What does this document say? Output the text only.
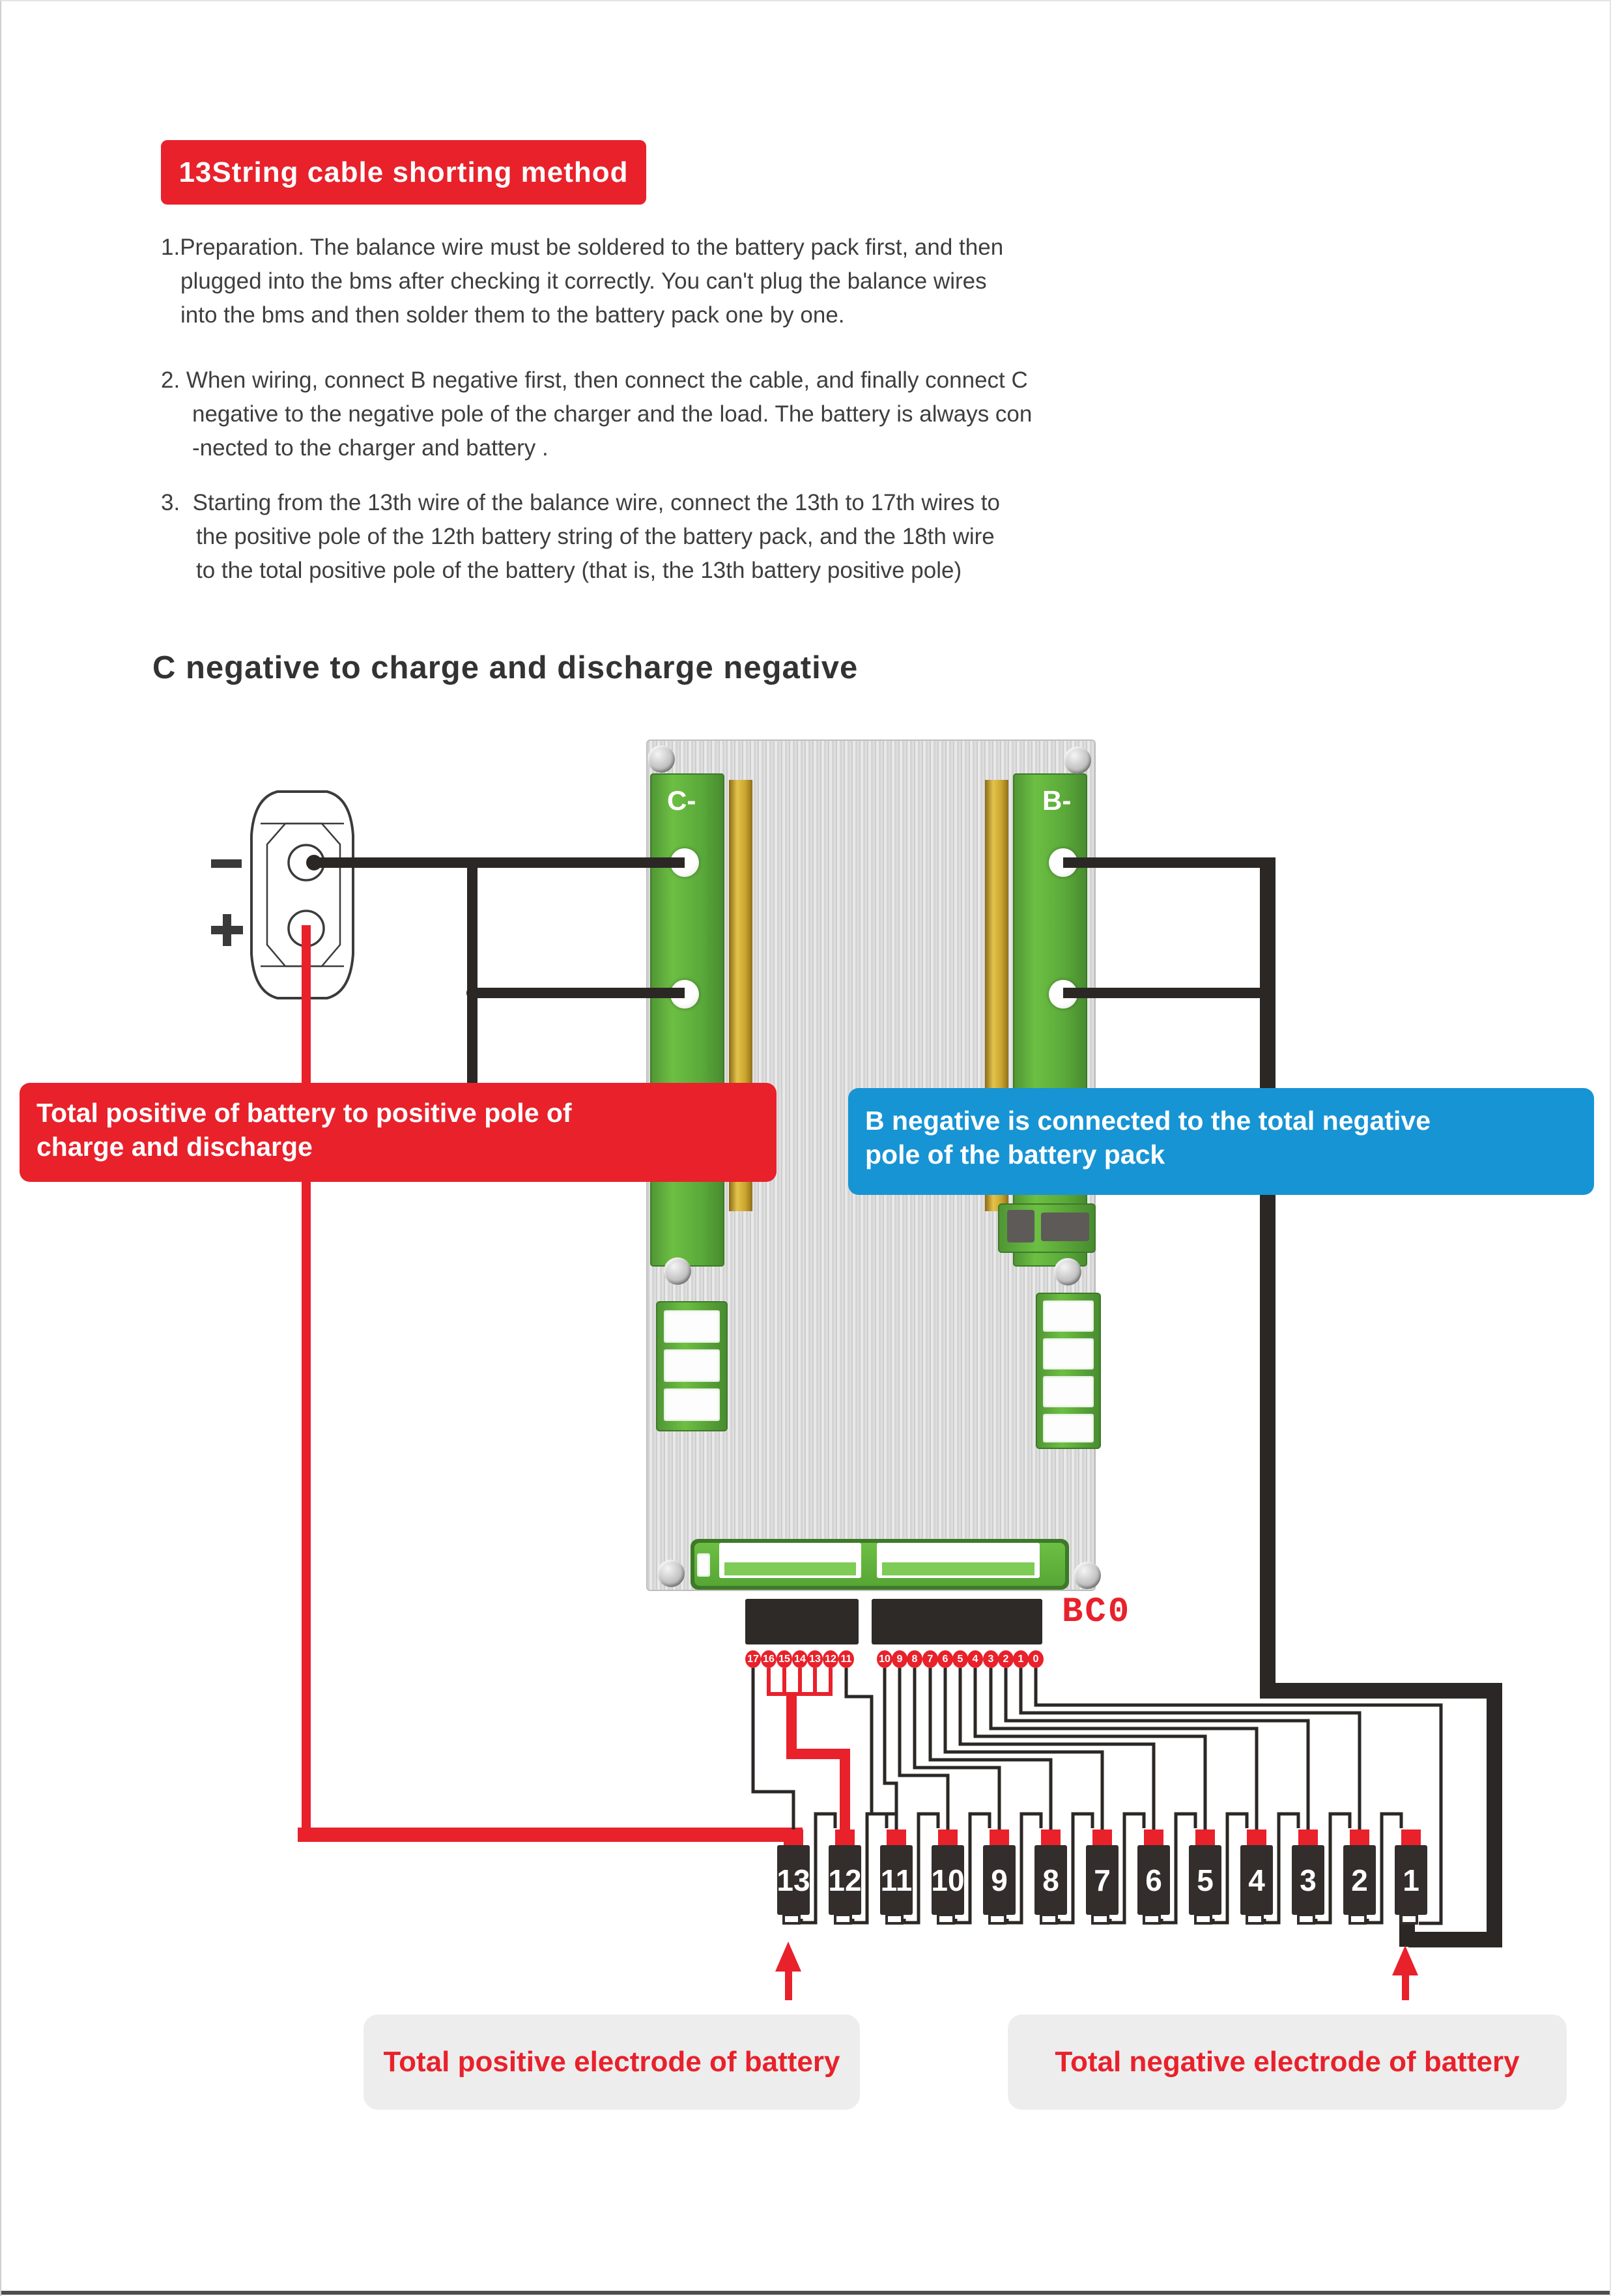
13String cable shorting method
1.Preparation. The balance wire must be soldered to the battery pack first, and then
plugged into the bms after checking it correctly. You can't plug the balance wires
into the bms and then solder them to the battery pack one by one.
2. When wiring, connect B negative first, then connect the cable, and finally connect C
negative to the negative pole of the charger and the load. The battery is always con
-nected to the charger and battery .
3.  Starting from the 13th wire of the balance wire, connect the 13th to 17th wires to
the positive pole of the 12th battery string of the battery pack, and the 18th wire
to the total positive pole of the battery (that is, the 13th battery positive pole)
C negative to charge and discharge negative
C-	B-
17 16 15 14 13 12 11	10 9 8 7 6 5 4 3 2 1 0
BC0
13 12 11 10 9 8 7 6 5 4 3 2 1
Total positive of battery to positive pole of
charge and discharge
B negative is connected to the total negative
pole of the battery pack
Total positive electrode of battery	Total negative electrode of battery
